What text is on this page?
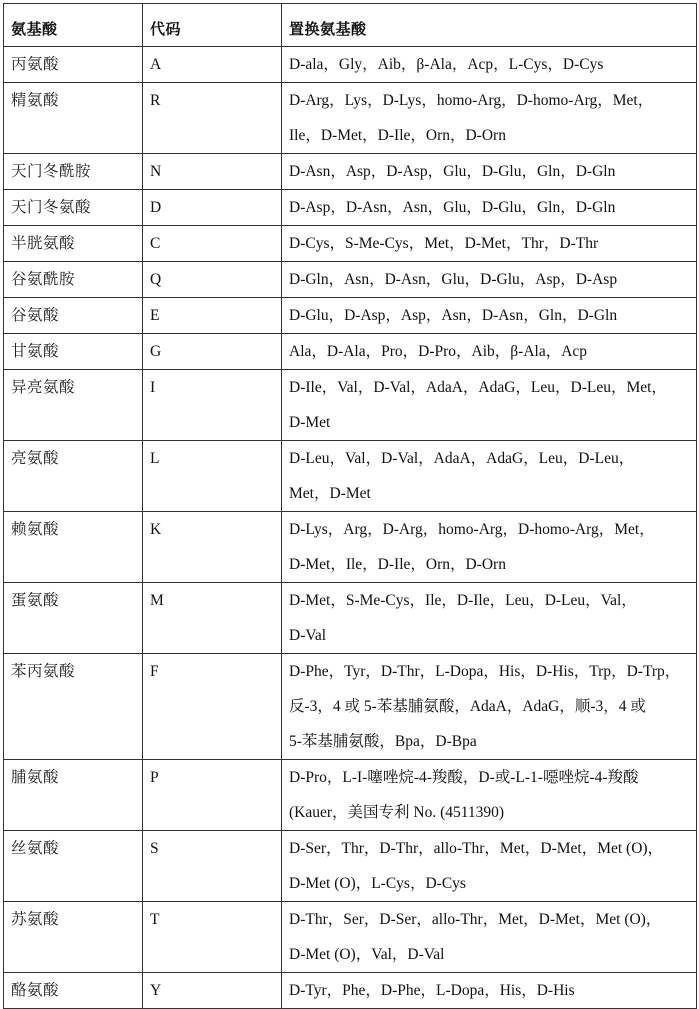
氨基酸	代码	置换氨基酸
丙氨酸	A	D-ala，Gly，Aib，β-Ala，Acp，L-Cys，D-Cys

精氨酸	R	D-Arg，Lys，D-Lys，homo-Arg，D-homo-Arg，Met，
Ile，D-Met，D-Ile，Orn，D-Orn

天门冬酰胺	N	D-Asn，Asp，D-Asp，Glu，D-Glu，Gln，D-Gln

天门冬氨酸	D	D-Asp，D-Asn，Asn，Glu，D-Glu，Gln，D-Gln

半胱氨酸	C	D-Cys，S-Me-Cys，Met，D-Met，Thr，D-Thr

谷氨酰胺	Q	D-Gln，Asn，D-Asn，Glu，D-Glu，Asp，D-Asp

谷氨酸	E	D-Glu，D-Asp，Asp，Asn，D-Asn，Gln，D-Gln

甘氨酸	G	Ala，D-Ala，Pro，D-Pro，Aib，β-Ala，Acp

异亮氨酸	I	D-Ile，Val，D-Val，AdaA，AdaG，Leu，D-Leu，Met，
D-Met

亮氨酸	L	D-Leu，Val，D-Val，AdaA，AdaG，Leu，D-Leu，
Met，D-Met

赖氨酸	K	D-Lys，Arg，D-Arg，homo-Arg，D-homo-Arg，Met，
D-Met，Ile，D-Ile，Orn，D-Orn

蛋氨酸	M	D-Met，S-Me-Cys，Ile，D-Ile，Leu，D-Leu，Val，
D-Val

苯丙氨酸	F	D-Phe，Tyr，D-Thr，L-Dopa，His，D-His，Trp，D-Trp，
反-3，4 或 5-苯基脯氨酸，AdaA，AdaG，顺-3，4 或
5-苯基脯氨酸，Bpa，D-Bpa

脯氨酸	P	D-Pro，L-I-噻唑烷-4-羧酸，D-或-L-1-噁唑烷-4-羧酸
(Kauer，美国专利 No. (4511390)

丝氨酸	S	D-Ser，Thr，D-Thr，allo-Thr，Met，D-Met，Met (O)，
D-Met (O)，L-Cys，D-Cys

苏氨酸	T	D-Thr，Ser，D-Ser，allo-Thr，Met，D-Met，Met (O)，
D-Met (O)，Val，D-Val

酪氨酸	Y	D-Tyr，Phe，D-Phe，L-Dopa，His，D-His
